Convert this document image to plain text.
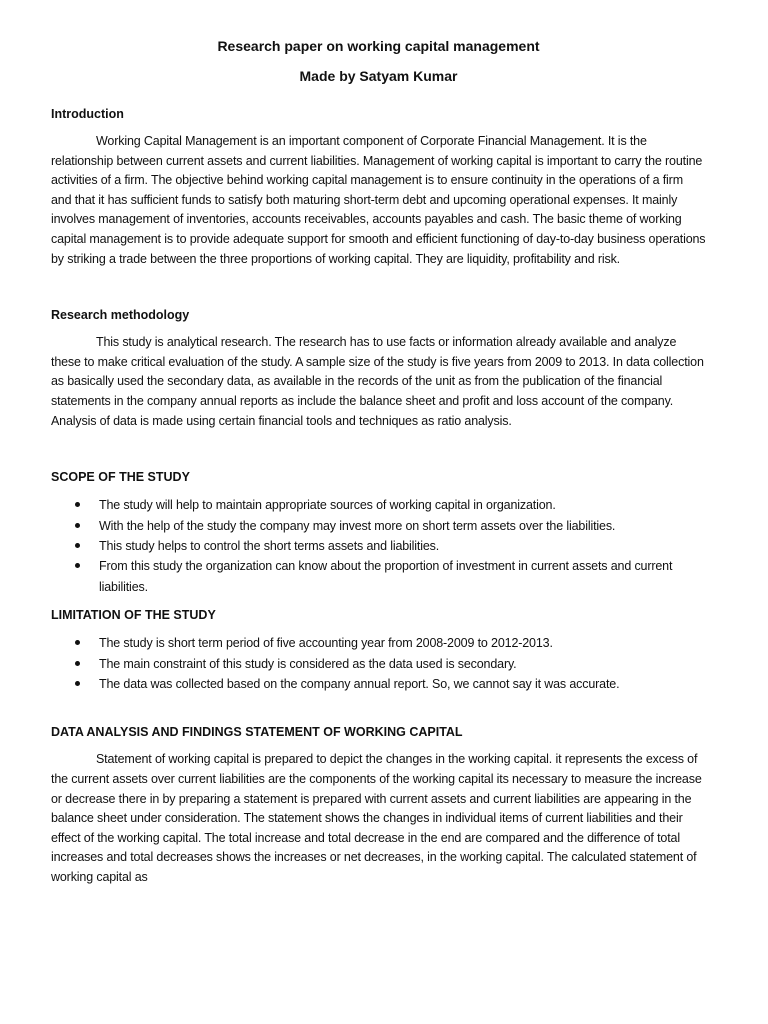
Research paper on working capital management

Made by Satyam Kumar

Introduction

Working Capital Management is an important component of Corporate Financial Management. It is the relationship between current assets and current liabilities. Management of working capital is important to carry the routine activities of a firm. The objective behind working capital management is to ensure continuity in the operations of a firm and that it has sufficient funds to satisfy both maturing short-term debt and upcoming operational expenses. It mainly involves management of inventories, accounts receivables, accounts payables and cash. The basic theme of working capital management is to provide adequate support for smooth and efficient functioning of day-to-day business operations by striking a trade between the three proportions of working capital. They are liquidity, profitability and risk.

Research methodology

This study is analytical research. The research has to use facts or information already available and analyze these to make critical evaluation of the study. A sample size of the study is five years from 2009 to 2013. In data collection as basically used the secondary data, as available in the records of the unit as from the publication of the financial statements in the company annual reports as include the balance sheet and profit and loss account of the company. Analysis of data is made using certain financial tools and techniques as ratio analysis.

SCOPE OF THE STUDY
The study will help to maintain appropriate sources of working capital in organization.
With the help of the study the company may invest more on short term assets over the liabilities.
This study helps to control the short terms assets and liabilities.
From this study the organization can know about the proportion of investment in current assets and current liabilities.
LIMITATION OF THE STUDY
The study is short term period of five accounting year from 2008-2009 to 2012-2013.
The main constraint of this study is considered as the data used is secondary.
The data was collected based on the company annual report. So, we cannot say it was accurate.
DATA ANALYSIS AND FINDINGS STATEMENT OF WORKING CAPITAL

Statement of working capital is prepared to depict the changes in the working capital. it represents the excess of the current assets over current liabilities are the components of the working capital its necessary to measure the increase or decrease there in by preparing a statement is prepared with current assets and current liabilities are appearing in the balance sheet under consideration. The statement shows the changes in individual items of current liabilities and their effect of the working capital. The total increase and total decrease in the end are compared and the difference of total increases and total decreases shows the increases or net decreases, in the working capital. The calculated statement of working capital as
